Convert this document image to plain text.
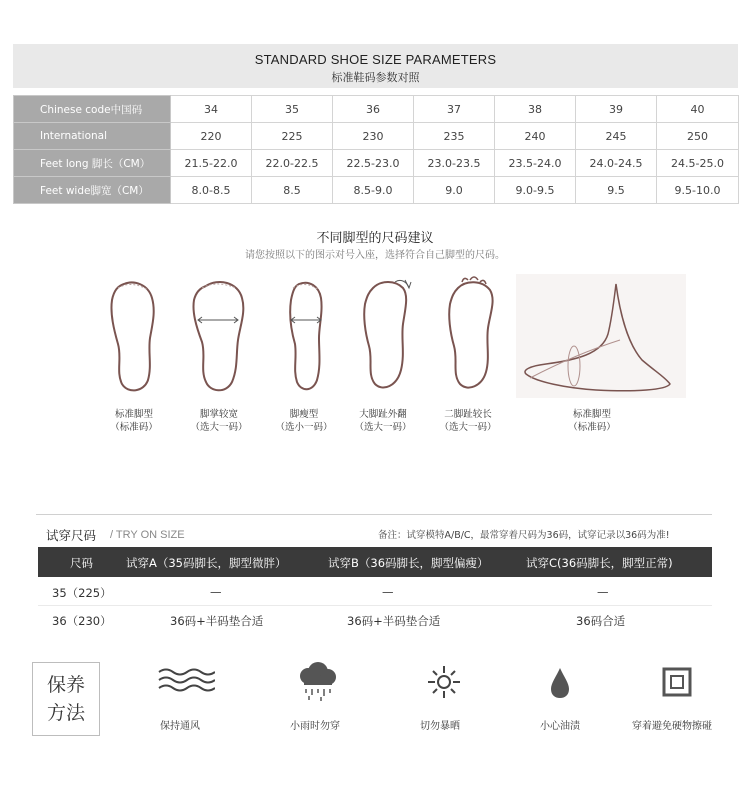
STANDARD SHOE SIZE PARAMETERS
标准鞋码参数对照
Chinese code中国码	34	35	36	37	38	39	40
International	220	225	230	235	240	245	250
Feet long 脚长（CM）	21.5-22.0	22.0-22.5	22.5-23.0	23.0-23.5	23.5-24.0	24.0-24.5	24.5-25.0
Feet wide脚宽（CM）	8.0-8.5	8.5	8.5-9.0	9.0	9.0-9.5	9.5	9.5-10.0
不同脚型的尺码建议
请您按照以下的图示对号入座，选择符合自己脚型的尺码。
标准脚型
（标准码）
脚掌较宽
（选大一码）
脚瘦型
（选小一码）
大脚趾外翻
（选大一码）
二脚趾较长
（选大一码）
标准脚型
（标准码）
试穿尺码 / TRY ON SIZE	备注：试穿模特A/B/C，最常穿着尺码为36码，试穿记录以36码为准!
尺码	试穿A（35码脚长，脚型微胖）	试穿B（36码脚长，脚型偏瘦）	试穿C(36码脚长，脚型正常)
35（225）	—	—	—
36（230）	36码+半码垫合适	36码+半码垫合适	36码合适
保养
方法
保持通风	小雨时勿穿	切勿暴晒	小心油渍	穿着避免硬物擦碰
